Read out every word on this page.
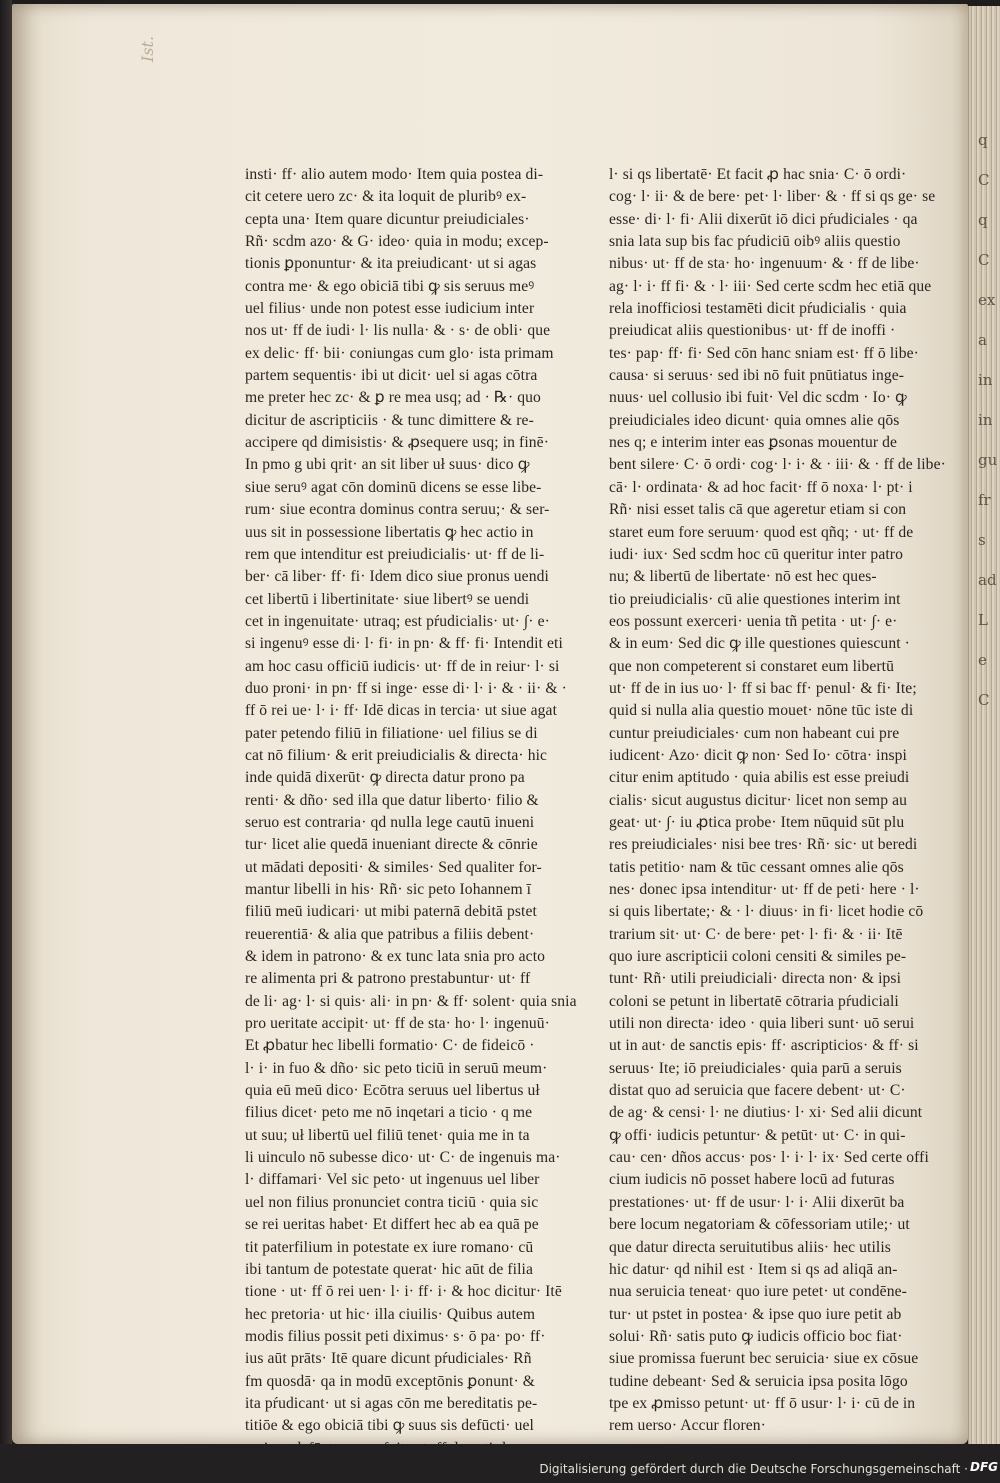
insti· ff· alio autem modo· Item quia postea di-
cit cetere uero zc· & ita loquit de pluribꝰ ex-
cepta una· Item quare dicuntur preiudiciales·
Rñ· scdm azo· & G· ideo· quia in modu; excep-
tionis ꝑponuntur· & ita preiudicant· ut si agas
contra me· & ego obiciā tibi ꝙ sis seruus meꝰ
uel filius· unde non potest esse iudicium inter
nos ut· ff de iudi· l· lis nulla· & · s· de obli· que
ex delic· ff· bii· coniungas cum glo· ista primam
partem sequentis· ibi ut dicit· uel si agas cōtra
me preter hec zc· & ꝑ re mea usq; ad · ℞· quo
dicitur de ascripticiis · & tunc dimittere & re-
accipere qd dimisistis· & ꝓsequere usq; in finē·
In pmo g ubi qrit· an sit liber uł suus· dico ꝙ
siue seruꝰ agat cōn dominū dicens se esse libe-
rum· siue econtra dominus contra seruu;· & ser-
uus sit in possessione libertatis ꝙ hec actio in
rem que intenditur est preiudicialis· ut· ff de li-
ber· cā liber· ff· fi· Idem dico siue pronus uendi
cet libertū i libertinitate· siue libertꝰ se uendi
cet in ingenuitate· utraq; est pŕudicialis· ut· ∫· e·
si ingenuꝰ esse di· l· fi· in pn· & ff· fi· Intendit eti
am hoc casu officiū iudicis· ut· ff de in reiur· l· si
duo proni· in pn· ff si inge· esse di· l· i· & · ii· & ·
ff ō rei ue· l· i· ff· Idē dicas in tercia· ut siue agat
pater petendo filiū in filiatione· uel filius se di
cat nō filium· & erit preiudicialis & directa· hic
inde quidā dixerūt· ꝙ directa datur prono pa
renti· & dño· sed illa que datur liberto· filio &
seruo est contraria· qd nulla lege cautū inueni
tur· licet alie quedā inueniant directe & cōnrie
ut mādati depositi· & similes· Sed qualiter for-
mantur libelli in his· Rñ· sic peto Iohannem ī
filiū meū iudicari· ut mibi paternā debitā pstet
reuerentiā· & alia que patribus a filiis debent·
& idem in patrono· & ex tunc lata snia pro acto
re alimenta pri & patrono prestabuntur· ut· ff
de li· ag· l· si quis· ali· in pn· & ff· solent· quia snia
pro ueritate accipit· ut· ff de sta· ho· l· ingenuū·
Et ꝓbatur hec libelli formatio· C· de fideicō ·
l· i· in fuo & dño· sic peto ticiū in seruū meum·
quia eū meū dico· Ecōtra seruus uel libertus uł
filius dicet· peto me nō inqetari a ticio · q me
ut suu; uł libertū uel filiū tenet· quia me in ta
li uinculo nō subesse dico· ut· C· de ingenuis ma·
l· diffamari· Vel sic peto· ut ingenuus uel liber
uel non filius pronunciet contra ticiū · quia sic
se rei ueritas habet· Et differt hec ab ea quā pe
tit paterfilium in potestate ex iure romano· cū
ibi tantum de potestate querat· hic aūt de filia
tione · ut· ff ō rei uen· l· i· ff· i· & hoc dicitur· Itē
hec pretoria· ut hic· illa ciuilis· Quibus autem
modis filius possit peti diximus· s· ō pa· po· ff·
ius aūt prāts· Itē quare dicunt pŕudiciales· Rñ
fm quosdā· qa in modū exceptōnis ꝑonunt· &
ita pŕudicant· ut si agas cōn me bereditatis pe-
titiōe & ego obiciā tibi ꝙ suus sis defūcti· uel
l· si qs libertatē· Et facit ꝓ hac snia· C· ō ordi·
cog· l· ii· & de bere· pet· l· liber· & · ff si qs ge· se
esse· di· l· fi· Alii dixerūt iō dici pŕudiciales · qa
snia lata sup bis fac pŕudiciū oibꝰ aliis questio
nibus· ut· ff de sta· ho· ingenuum· & · ff de libe·
ag· l· i· ff fi· & · l· iii· Sed certe scdm hec etiā que
rela inofficiosi testamēti dicit pŕudicialis · quia
preiudicat aliis questionibus· ut· ff de inoffi ·
tes· pap· ff· fi· Sed cōn hanc sniam est· ff ō libe·
causa· si seruus· sed ibi nō fuit pnūtiatus inge-
nuus· uel collusio ibi fuit· Vel dic scdm · Io· ꝙ
preiudiciales ideo dicunt· quia omnes alie qōs
nes q; e interim inter eas ꝑsonas mouentur de
bent silere· C· ō ordi· cog· l· i· & · iii· & · ff de libe·
cā· l· ordinata· & ad hoc facit· ff ō noxa· l· pt· i
Rñ· nisi esset talis cā que ageretur etiam si con
staret eum fore seruum· quod est qñq; · ut· ff de
iudi· iux· Sed scdm hoc cū queritur inter patro
nu; & libertū de libertate· nō est hec ques-
tio preiudicialis· cū alie questiones interim int
eos possunt exerceri· uenia tñ petita · ut· ∫· e·
& in eum· Sed dic ꝙ ille questiones quiescunt ·
que non competerent si constaret eum libertū
ut· ff de in ius uo· l· ff si bac ff· penul· & fi· Ite;
quid si nulla alia questio mouet· nōne tūc iste di
cuntur preiudiciales· cum non habeant cui pre
iudicent· Azo· dicit ꝙ non· Sed Io· cōtra· inspi
citur enim aptitudo · quia abilis est esse preiudi
cialis· sicut augustus dicitur· licet non semp au
geat· ut· ∫· iu ꝓtica probe· Item nūquid sūt plu
res preiudiciales· nisi bee tres· Rñ· sic· ut beredi
tatis petitio· nam & tūc cessant omnes alie qōs
nes· donec ipsa intenditur· ut· ff de peti· here · l·
si quis libertate;· & · l· diuus· in fi· licet hodie cō
trarium sit· ut· C· de bere· pet· l· fi· & · ii· Itē
quo iure ascripticii coloni censiti & similes pe-
tunt· Rñ· utili preiudiciali· directa non· & ipsi
coloni se petunt in libertatē cōtraria pŕudiciali
utili non directa· ideo · quia liberi sunt· uō serui
ut in aut· de sanctis epis· ff· ascripticios· & ff· si
seruus· Ite; iō preiudiciales· quia parū a seruis
distat quo ad seruicia que facere debent· ut· C·
de ag· & censi· l· ne diutius· l· xi· Sed alii dicunt
ꝙ offi· iudicis petuntur· & petūt· ut· C· in qui-
cau· cen· dños accus· pos· l· i· l· ix· Sed certe offi
cium iudicis nō posset habere locū ad futuras
prestationes· ut· ff de usur· l· i· Alii dixerūt ba
bere locum negatoriam & cōfessoriam utile;· ut
que datur directa seruitutibus aliis· hec utilis
hic datur· qd nihil est · Item si qs ad aliqā an-
nua seruicia teneat· quo iure petet· ut condēne-
tur· ut pstet in postea· & ipse quo iure petit ab
solui· Rñ· satis puto ꝙ iudicis officio boc fiat·
siue promissa fuerunt bec seruicia· siue ex cōsue
tudine debeant· Sed & seruicia ipsa posita lōgo
tpe ex ꝓmisso petunt· ut· ff ō usur· l· i· cū de in
rem uerso· Accur floren·
Ist.
q
C
q
C
ex
a
in
in
gu
fr
s
ad
L
e
C
Digitalisierung gefördert durch die Deutsche Forschungsgemeinschaft · DFG
